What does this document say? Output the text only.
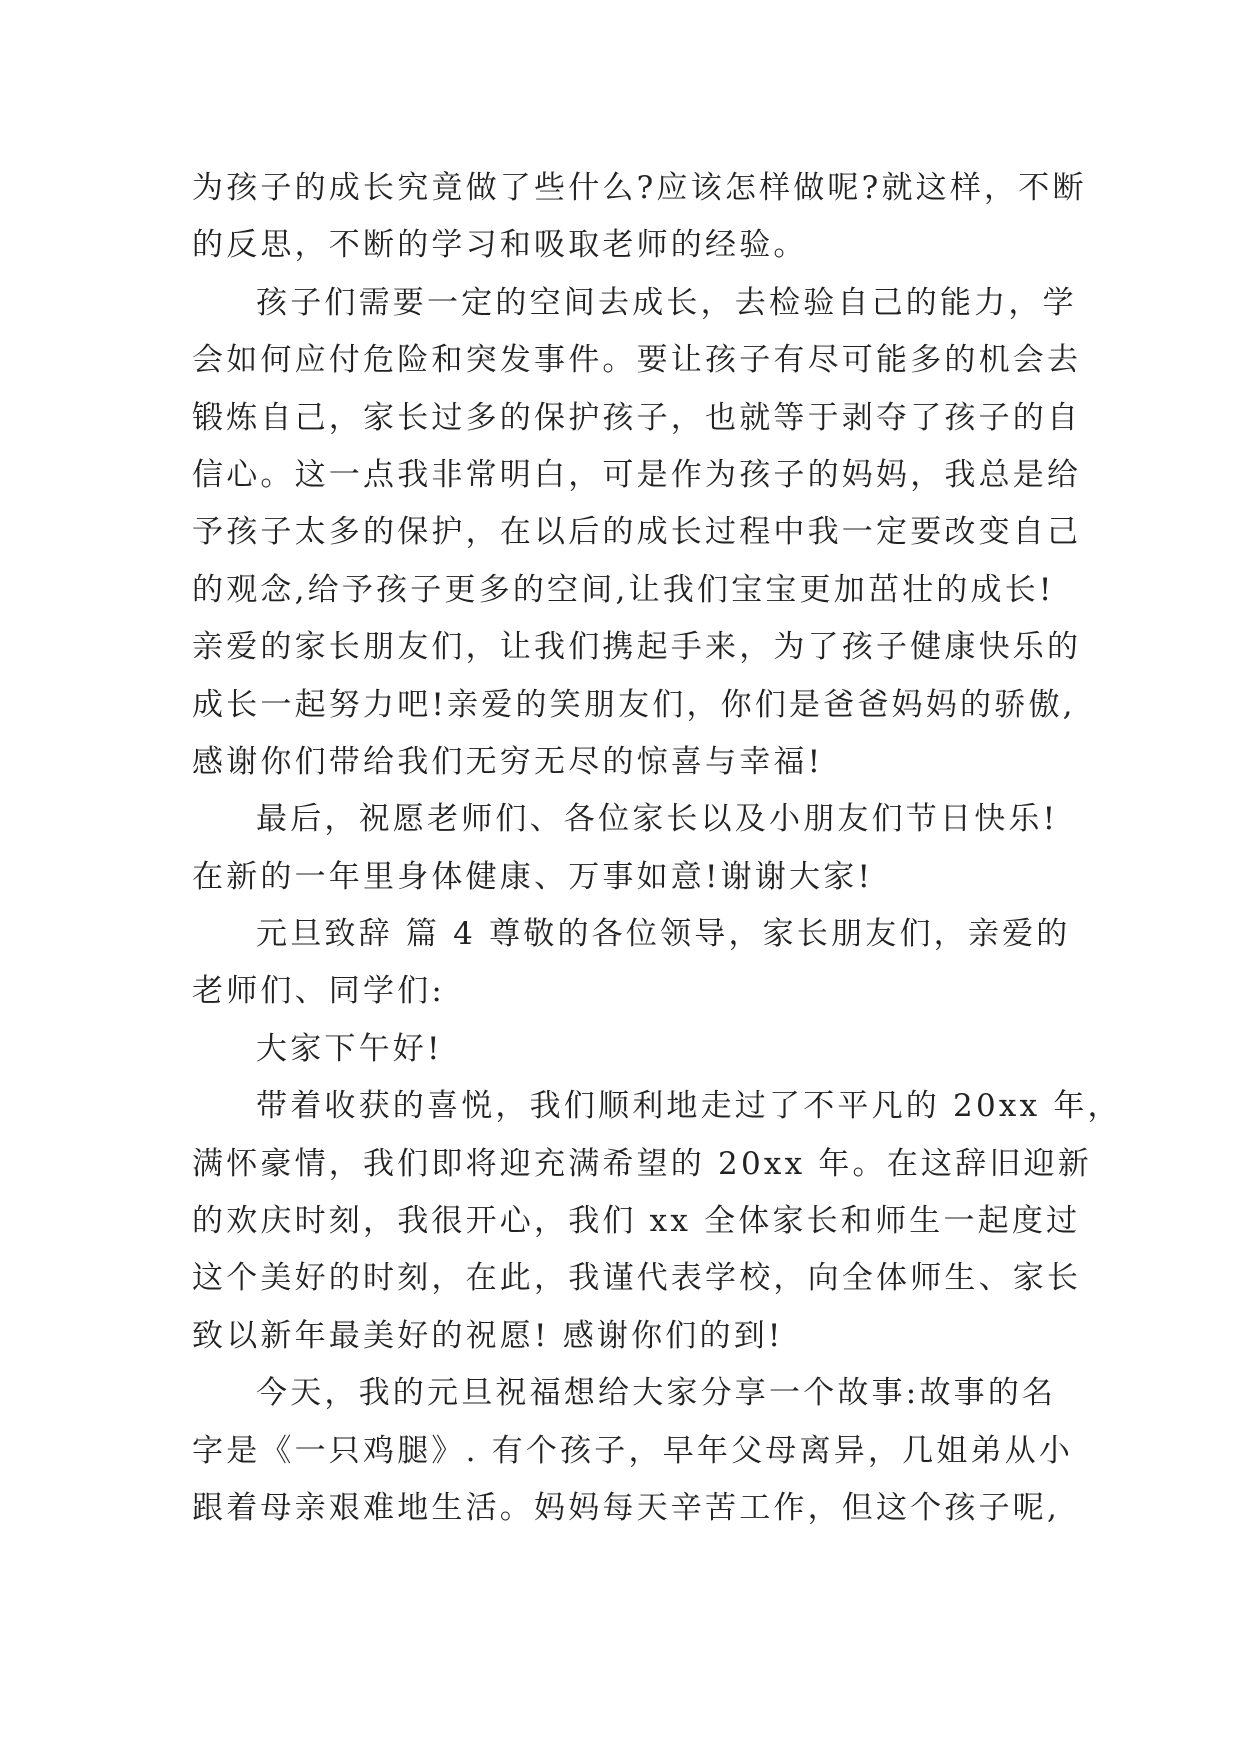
为孩子的成长究竟做了些什么?应该怎样做呢?就这样，不断
的反思，不断的学习和吸取老师的经验。
孩子们需要一定的空间去成长，去检验自己的能力，学
会如何应付危险和突发事件。要让孩子有尽可能多的机会去
锻炼自己，家长过多的保护孩子，也就等于剥夺了孩子的自
信心。这一点我非常明白，可是作为孩子的妈妈，我总是给
予孩子太多的保护，在以后的成长过程中我一定要改变自己
的观念,给予孩子更多的空间,让我们宝宝更加茁壮的成长!
亲爱的家长朋友们，让我们携起手来，为了孩子健康快乐的
成长一起努力吧!亲爱的笑朋友们，你们是爸爸妈妈的骄傲,
感谢你们带给我们无穷无尽的惊喜与幸福!
最后，祝愿老师们、各位家长以及小朋友们节日快乐!
在新的一年里身体健康、万事如意!谢谢大家!
元旦致辞 篇 4 尊敬的各位领导，家长朋友们，亲爱的
老师们、同学们:
大家下午好!
带着收获的喜悦，我们顺利地走过了不平凡的 20xx 年，
满怀豪情，我们即将迎充满希望的 20xx 年。在这辞旧迎新
的欢庆时刻，我很开心，我们 xx 全体家长和师生一起度过
这个美好的时刻，在此，我谨代表学校，向全体师生、家长
致以新年最美好的祝愿! 感谢你们的到!
今天，我的元旦祝福想给大家分享一个故事:故事的名
字是《一只鸡腿》. 有个孩子，早年父母离异，几姐弟从小
跟着母亲艰难地生活。妈妈每天辛苦工作，但这个孩子呢,
